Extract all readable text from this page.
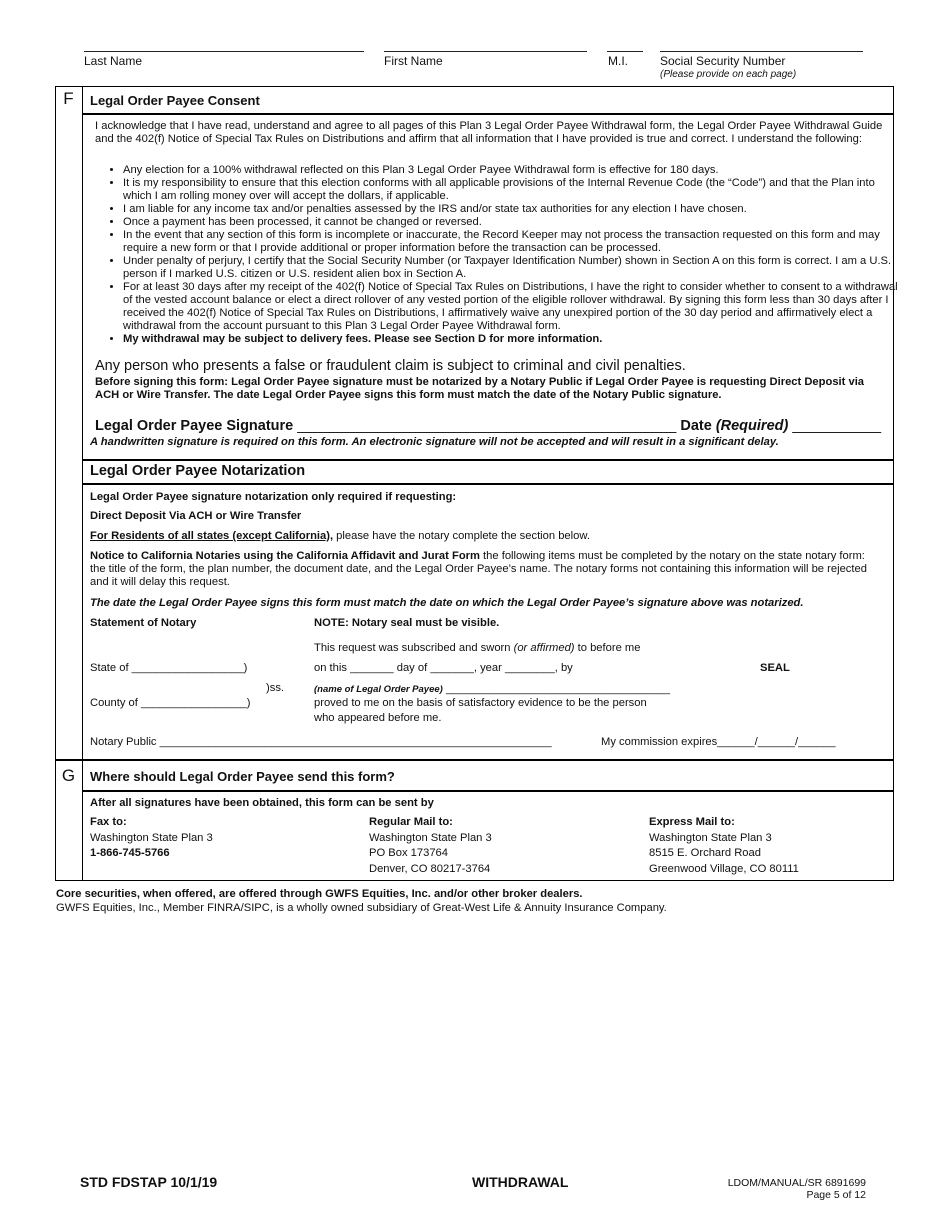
Last Name	First Name	M.I.	Social Security Number
(Please provide on each page)
F	Legal Order Payee Consent
I acknowledge that I have read, understand and agree to all pages of this Plan 3 Legal Order Payee Withdrawal form, the Legal Order Payee Withdrawal Guide and the 402(f) Notice of Special Tax Rules on Distributions and affirm that all information that I have provided is true and correct. I understand the following:
• Any election for a 100% withdrawal reflected on this Plan 3 Legal Order Payee Withdrawal form is effective for 180 days.
• It is my responsibility to ensure that this election conforms with all applicable provisions of the Internal Revenue Code (the “Code”) and that the Plan into which I am rolling money over will accept the dollars, if applicable.
• I am liable for any income tax and/or penalties assessed by the IRS and/or state tax authorities for any election I have chosen.
• Once a payment has been processed, it cannot be changed or reversed.
• In the event that any section of this form is incomplete or inaccurate, the Record Keeper may not process the transaction requested on this form and may require a new form or that I provide additional or proper information before the transaction can be processed.
• Under penalty of perjury, I certify that the Social Security Number (or Taxpayer Identification Number) shown in Section A on this form is correct. I am a U.S. person if I marked U.S. citizen or U.S. resident alien box in Section A.
• For at least 30 days after my receipt of the 402(f) Notice of Special Tax Rules on Distributions, I have the right to consider whether to consent to a withdrawal of the vested account balance or elect a direct rollover of any vested portion of the eligible rollover withdrawal. By signing this form less than 30 days after I received the 402(f) Notice of Special Tax Rules on Distributions, I affirmatively waive any unexpired portion of the 30 day period and affirmatively elect a withdrawal from the account pursuant to this Plan 3 Legal Order Payee Withdrawal form.
• My withdrawal may be subject to delivery fees. Please see Section D for more information.
Any person who presents a false or fraudulent claim is subject to criminal and civil penalties.
Before signing this form: Legal Order Payee signature must be notarized by a Notary Public if Legal Order Payee is requesting Direct Deposit via ACH or Wire Transfer. The date Legal Order Payee signs this form must match the date of the Notary Public signature.
Legal Order Payee Signature _______________________________________________ Date (Required) ___________
A handwritten signature is required on this form. An electronic signature will not be accepted and will result in a significant delay.
Legal Order Payee Notarization
Legal Order Payee signature notarization only required if requesting:
Direct Deposit Via ACH or Wire Transfer
For Residents of all states (except California), please have the notary complete the section below.
Notice to California Notaries using the California Affidavit and Jurat Form the following items must be completed by the notary on the state notary form: the title of the form, the plan number, the document date, and the Legal Order Payee’s name. The notary forms not containing this information will be rejected and it will delay this request.
The date the Legal Order Payee signs this form must match the date on which the Legal Order Payee’s signature above was notarized.
Statement of Notary	NOTE: Notary seal must be visible.
This request was subscribed and sworn (or affirmed) to before me
State of __________________)	on this _______ day of _______, year ________, by	SEAL
)ss.	(name of Legal Order Payee) ____________________________________
County of _________________)	proved to me on the basis of satisfactory evidence to be the person
who appeared before me.
Notary Public _______________________________________________________________	My commission expires______/______/______
G	Where should Legal Order Payee send this form?
After all signatures have been obtained, this form can be sent by
Fax to:
Washington State Plan 3
1-866-745-5766
Regular Mail to:
Washington State Plan 3
PO Box 173764
Denver, CO 80217-3764
Express Mail to:
Washington State Plan 3
8515 E. Orchard Road
Greenwood Village, CO 80111
Core securities, when offered, are offered through GWFS Equities, Inc. and/or other broker dealers.
GWFS Equities, Inc., Member FINRA/SIPC, is a wholly owned subsidiary of Great-West Life & Annuity Insurance Company.
STD FDSTAP 10/1/19	WITHDRAWAL	LDOM/MANUAL/SR 6891699
Page 5 of 12
